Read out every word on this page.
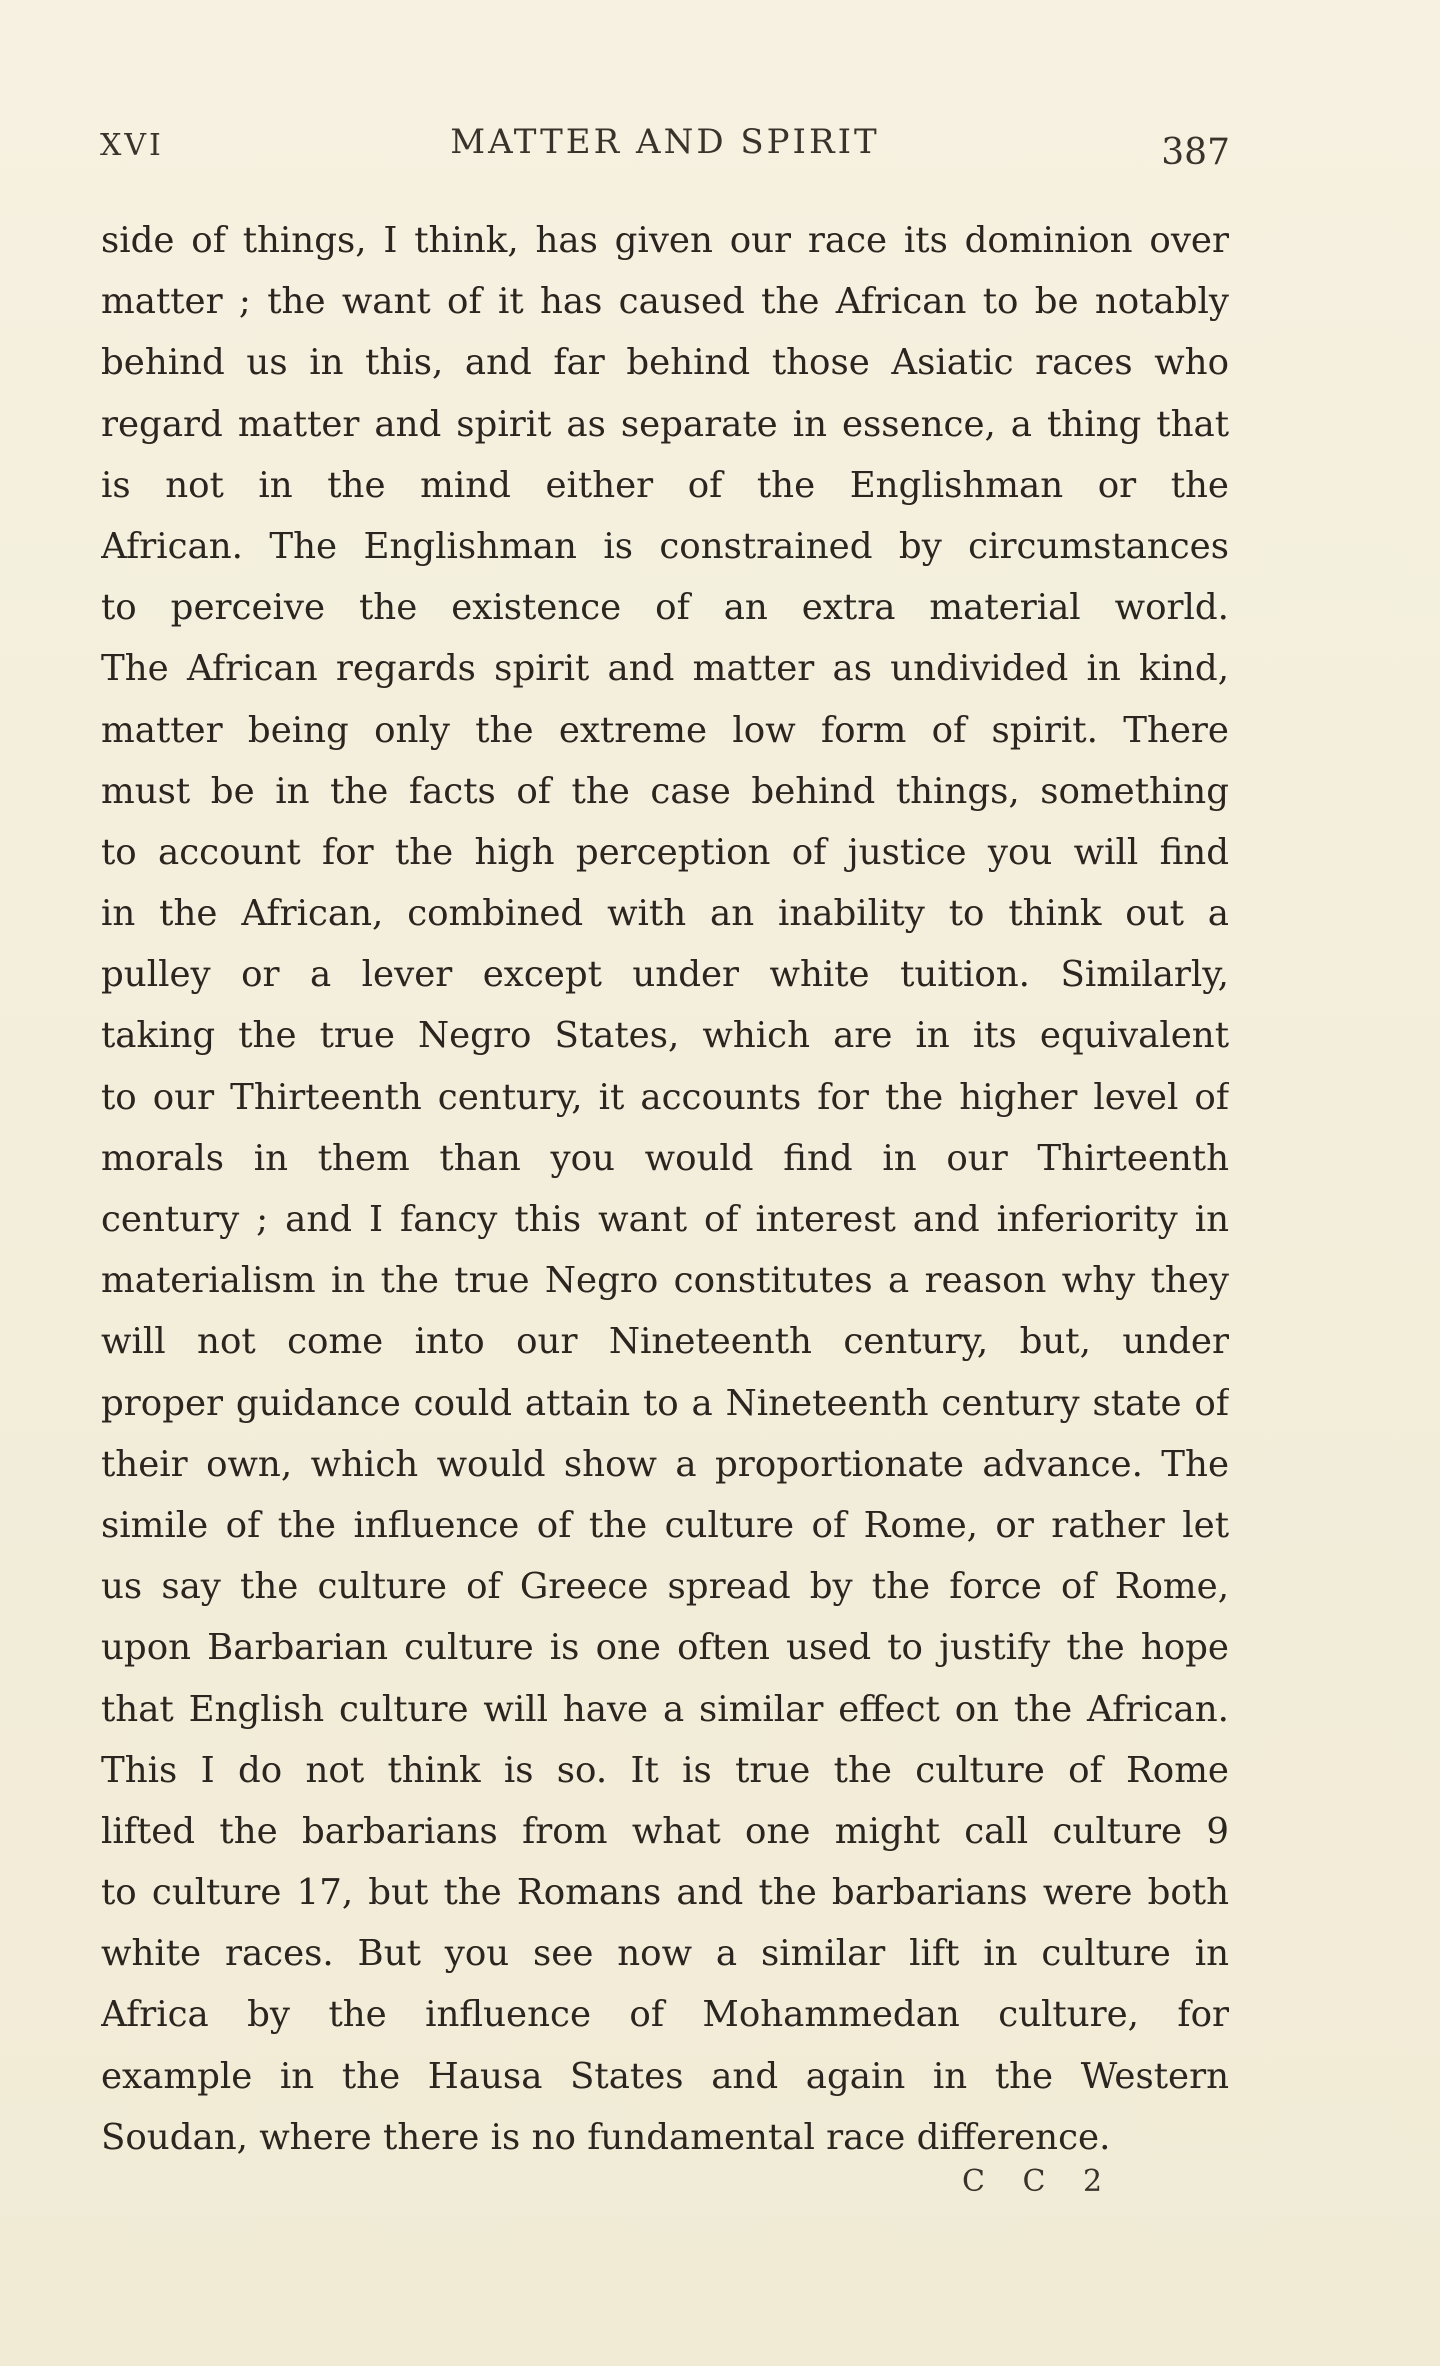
XVI	MATTER AND SPIRIT	387
side of things, I think, has given our race its dominion over
matter ; the want of it has caused the African to be notably
behind us in this, and far behind those Asiatic races who
regard matter and spirit as separate in essence, a thing that
is not in the mind either of the Englishman or the
African. The Englishman is constrained by circumstances
to perceive the existence of an extra material world.
The African regards spirit and matter as undivided in kind,
matter being only the extreme low form of spirit. There
must be in the facts of the case behind things, something
to account for the high perception of justice you will find
in the African, combined with an inability to think out a
pulley or a lever except under white tuition. Similarly,
taking the true Negro States, which are in its equivalent
to our Thirteenth century, it accounts for the higher level of
morals in them than you would find in our Thirteenth
century ; and I fancy this want of interest and inferiority in
materialism in the true Negro constitutes a reason why they
will not come into our Nineteenth century, but, under
proper guidance could attain to a Nineteenth century state of
their own, which would show a proportionate advance. The
simile of the influence of the culture of Rome, or rather let
us say the culture of Greece spread by the force of Rome,
upon Barbarian culture is one often used to justify the hope
that English culture will have a similar effect on the African.
This I do not think is so. It is true the culture of Rome
lifted the barbarians from what one might call culture 9
to culture 17, but the Romans and the barbarians were both
white races. But you see now a similar lift in culture in
Africa by the influence of Mohammedan culture, for
example in the Hausa States and again in the Western
Soudan, where there is no fundamental race difference.
C C 2
